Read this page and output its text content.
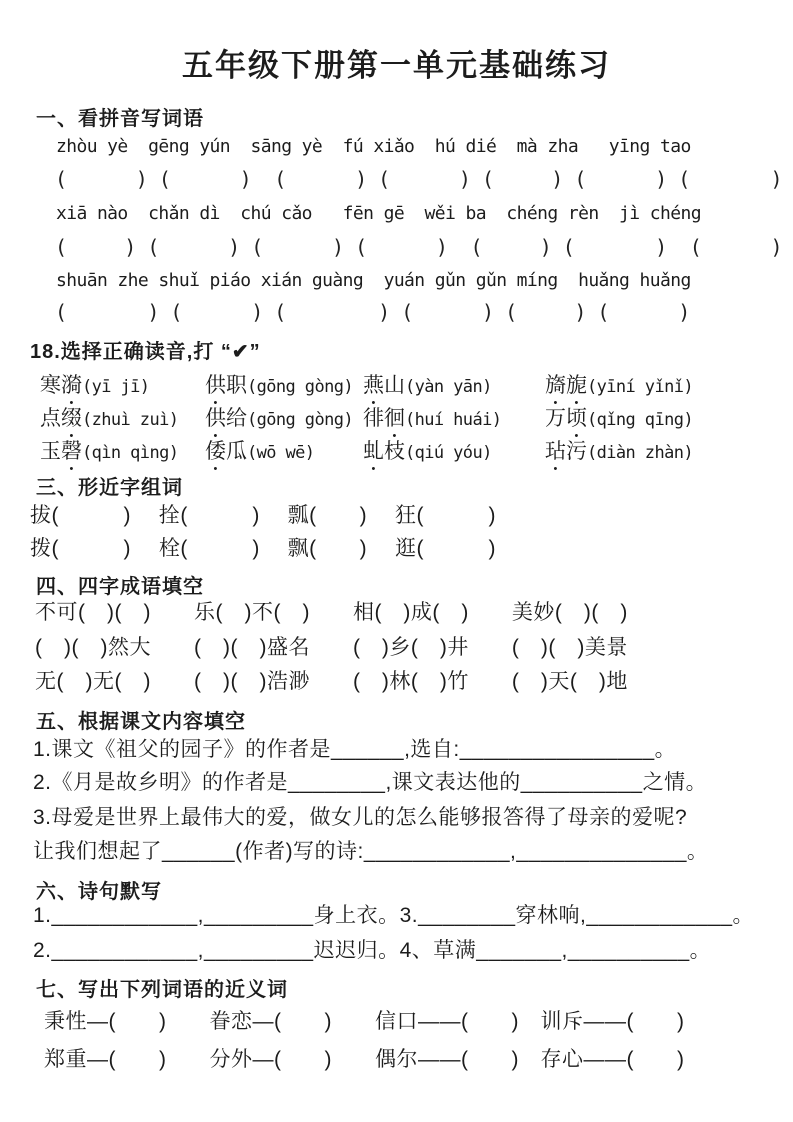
五年级下册第一单元基础练习
一、看拼音写词语
zhòu yè  gēng yún  sāng yè  fú xiǎo  hú dié  mà zha   yīng tao
(      ) (      )  (      ) (      ) (     ) (      ) (       )
xiā nào  chǎn dì  chú cǎo   fēn gē  wěi ba  chéng rèn  jì chéng
(     ) (      ) (      ) (      )  (     ) (       )  (      )
shuān zhe shuǐ piáo xián guàng  yuán gǔn gǔn míng  huǎng huǎng
(       ) (      ) (        ) (      ) (     ) (      )
18.选择正确读音,打 “✔”
寒漪(yī jī)	供职(gōng gòng) 燕山(yàn yān)	旖旎(yīní yǐnǐ)
点缀(zhuì zuì)	供给(gōng gòng) 徘徊(huí huái)	万顷(qǐng qīng)
玉磬(qìn qìng)	倭瓜(wō wē)	虬枝(qiú yóu)	玷污(diàn zhàn)
三、形近字组词
拔(　　　)　 拴(　　　)　 瓢(　　)　 狂(　　　)
拨(　　　)　 栓(　　　)　 飘(　　)　 逛(　　　)
四、四字成语填空
不可(　)(　)　　乐(　)不(　)　　相(　)成(　)　　美妙(　)(　)
(　)(　)然大　　(　)(　)盛名　　(　)乡(　)井　　(　)(　)美景
无(　)无(　)　　(　)(　)浩渺　　(　)林(　)竹　　(　)天(　)地
五、根据课文内容填空
1.课文《祖父的园子》的作者是______,选自:________________。
2.《月是故乡明》的作者是________,课文表达他的__________之情。
3.母爱是世界上最伟大的爱，做女儿的怎么能够报答得了母亲的爱呢?
让我们想起了______(作者)写的诗:____________,______________。
六、诗句默写
1.____________,_________身上衣。3.________穿林响,____________。
2.____________,_________迟迟归。4、草满_______,__________。
七、写出下列词语的近义词
秉性—(　　)　　眷恋—(　　)　　信口——(　　)　训斥——(　　)
郑重—(　　)　　分外—(　　)　　偶尔——(　　)　存心——(　　)
